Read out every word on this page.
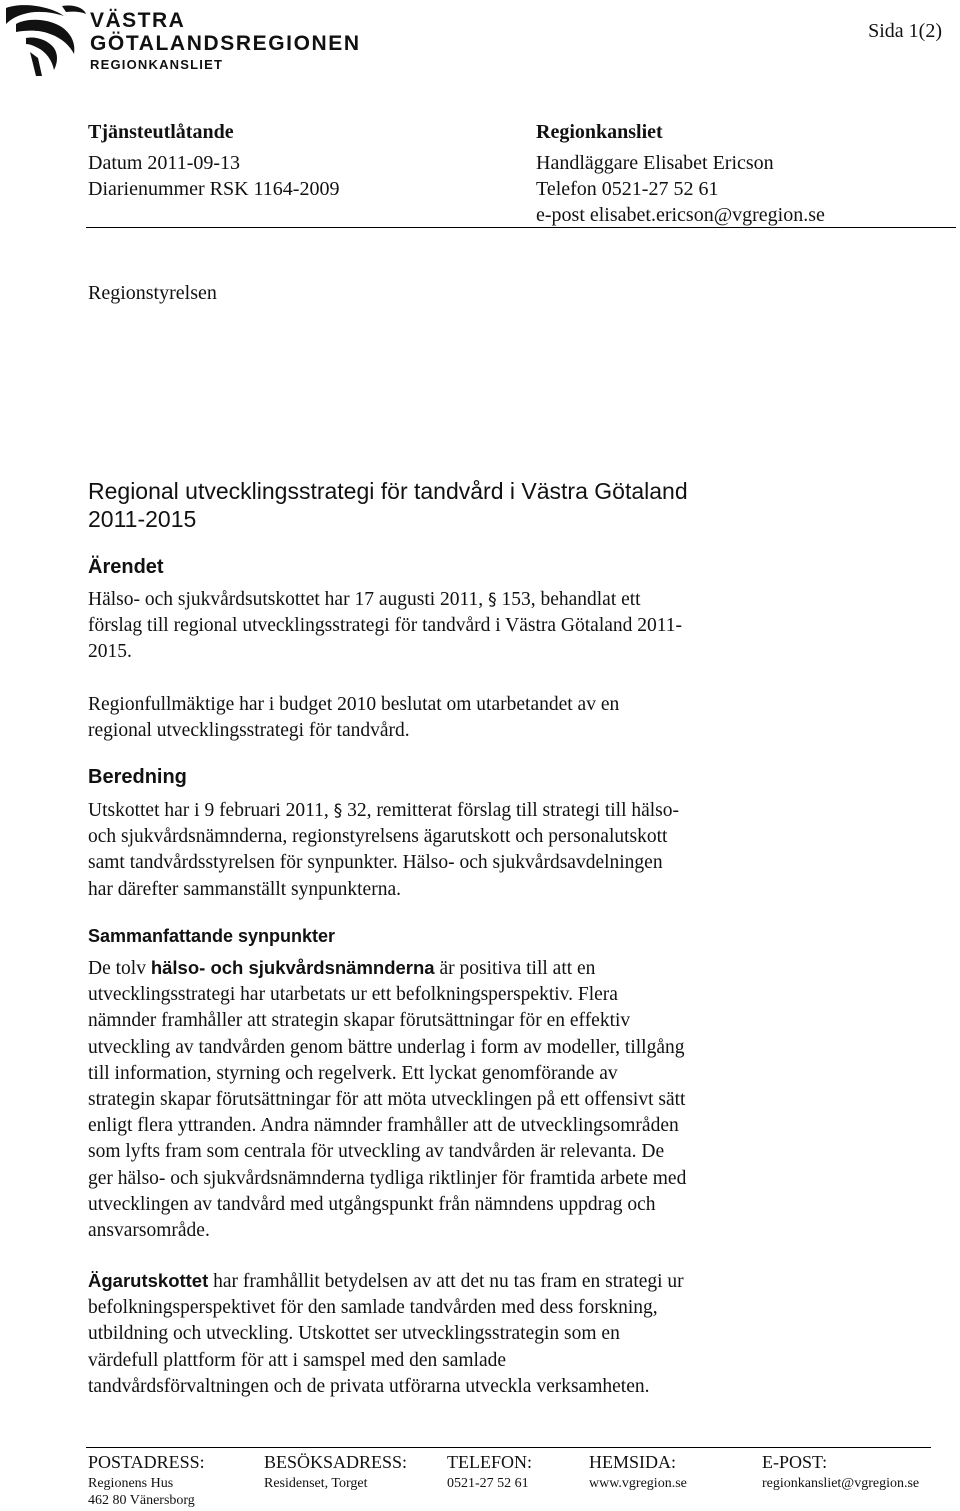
VÄSTRA
GÖTALANDSREGIONEN
REGIONKANSLIET
Sida 1(2)
Tjänsteutlåtande
Datum 2011-09-13
Diarienummer RSK 1164-2009
Regionkansliet
Handläggare Elisabet Ericson
Telefon 0521-27 52 61
e-post elisabet.ericson@vgregion.se
Regionstyrelsen
Regional utvecklingsstrategi för tandvård i Västra Götaland
2011-2015
Ärendet

Hälso- och sjukvårdsutskottet har 17 augusti 2011, § 153, behandlat ett

förslag till regional utvecklingsstrategi för tandvård i Västra Götaland 2011-

2015.

Regionfullmäktige har i budget 2010 beslutat om utarbetandet av en

regional utvecklingsstrategi för tandvård.

Beredning

Utskottet har i 9 februari 2011, § 32, remitterat förslag till strategi till hälso-

och sjukvårdsnämnderna, regionstyrelsens ägarutskott och personalutskott

samt tandvårdsstyrelsen för synpunkter. Hälso- och sjukvårdsavdelningen

har därefter sammanställt synpunkterna.

Sammanfattande synpunkter

De tolv hälso- och sjukvårdsnämnderna är positiva till att en

utvecklingsstrategi har utarbetats ur ett befolkningsperspektiv. Flera

nämnder framhåller att strategin skapar förutsättningar för en effektiv

utveckling av tandvården genom bättre underlag i form av modeller, tillgång

till information, styrning och regelverk. Ett lyckat genomförande av

strategin skapar förutsättningar för att möta utvecklingen på ett offensivt sätt

enligt flera yttranden. Andra nämnder framhåller att de utvecklingsområden

som lyfts fram som centrala för utveckling av tandvården är relevanta. De

ger hälso- och sjukvårdsnämnderna tydliga riktlinjer för framtida arbete med

utvecklingen av tandvård med utgångspunkt från nämndens uppdrag och

ansvarsområde.

Ägarutskottet har framhållit betydelsen av att det nu tas fram en strategi ur

befolkningsperspektivet för den samlade tandvården med dess forskning,

utbildning och utveckling. Utskottet ser utvecklingsstrategin som en

värdefull plattform för att i samspel med den samlade

tandvårdsförvaltningen och de privata utförarna utveckla verksamheten.

POSTADRESS:
Regionens Hus
462 80 Vänersborg
BESÖKSADRESS:
Residenset, Torget
TELEFON:
0521-27 52 61
HEMSIDA:
www.vgregion.se
E-POST:
regionkansliet@vgregion.se
